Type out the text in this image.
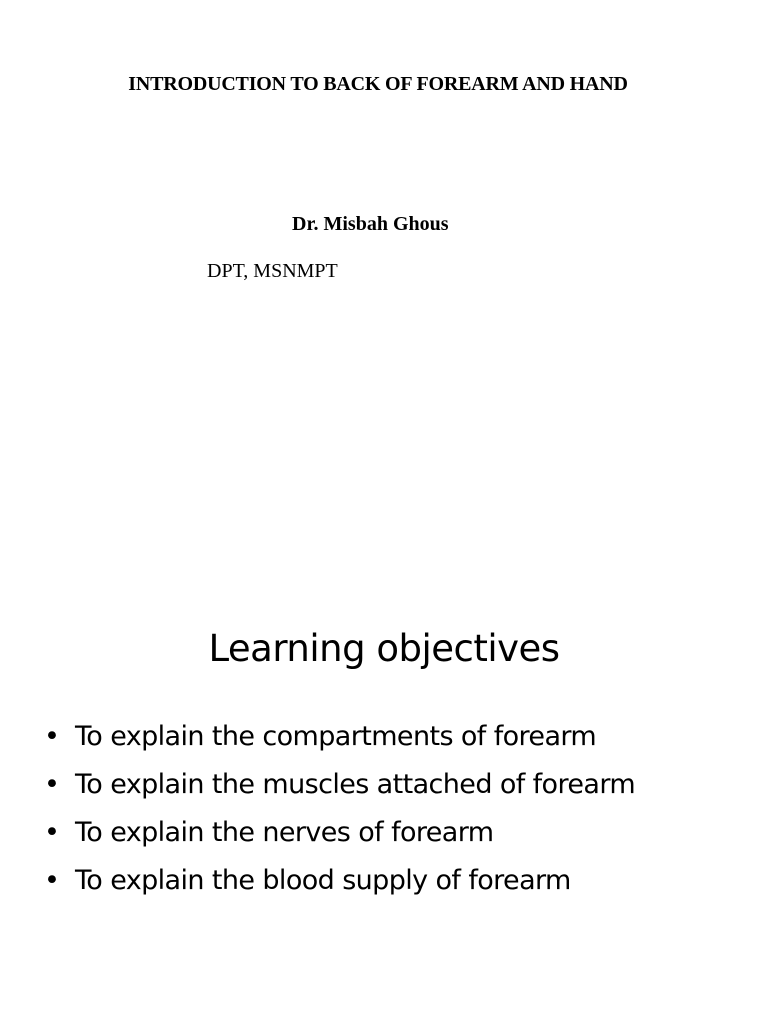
INTRODUCTION TO BACK OF FOREARM AND HAND
Dr. Misbah Ghous
DPT, MSNMPT
Learning objectives
• To explain the compartments of forearm
• To explain the muscles attached of forearm
• To explain the nerves of forearm
• To explain the blood supply of forearm
